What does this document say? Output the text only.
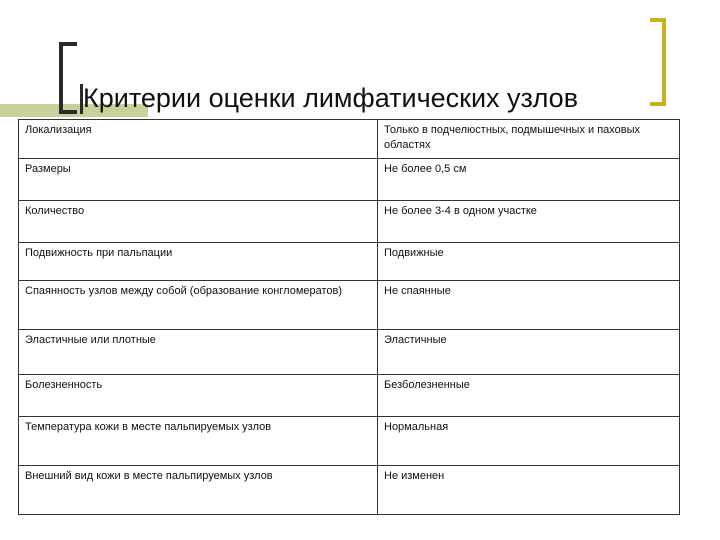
Критерии оценки лимфатических узлов
Локализация	Только в подчелюстных, подмышечных и паховых областях
Размеры	Не более 0,5 см
Количество	Не более 3-4 в одном участке
Подвижность при пальпации	Подвижные
Спаянность узлов между собой (образование конгломератов)	Не спаянные
Эластичные или плотные	Эластичные
Болезненность	Безболезненные
Температура кожи в месте пальпируемых узлов	Нормальная
Внешний вид кожи в месте пальпируемых узлов	Не изменен
